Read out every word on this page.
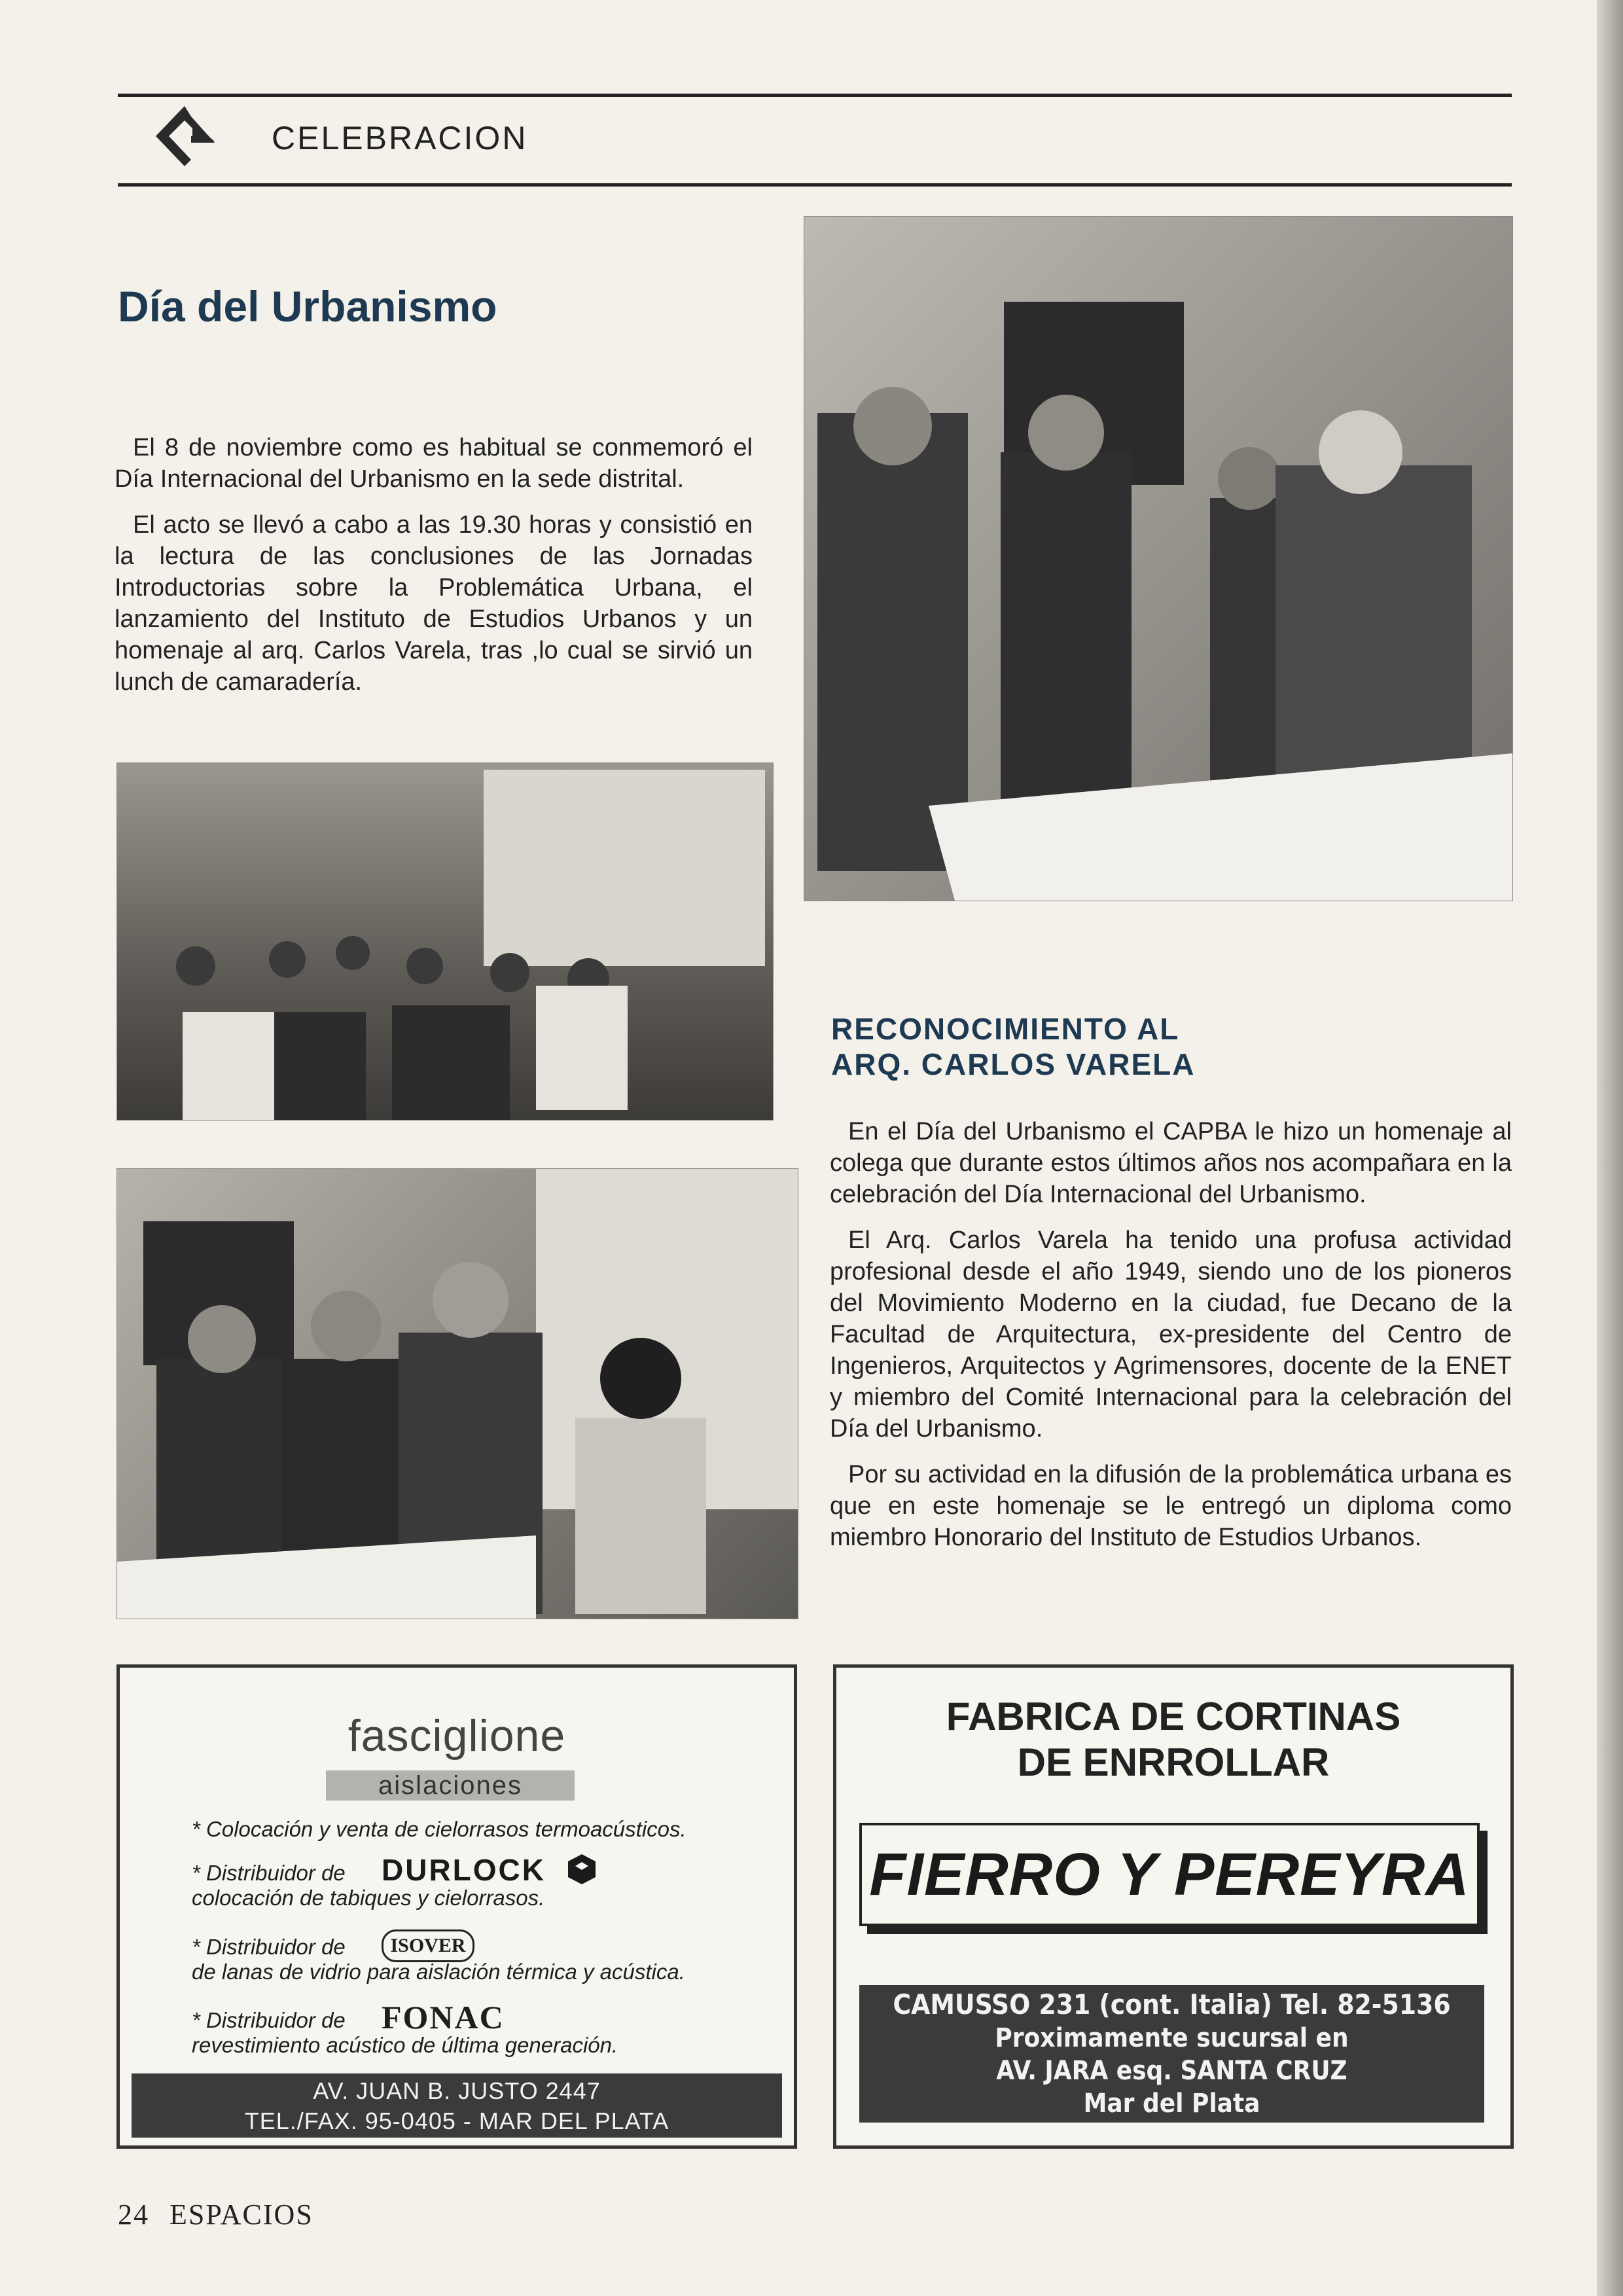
CELEBRACION
Día del Urbanismo

El 8 de noviembre como es habitual se conmemoró el Día Internacional del Urbanismo en la sede distrital.

El acto se llevó a cabo a las 19.30 horas y consistió en la lectura de las conclusiones de las Jornadas Introductorias sobre la Problemática Urbana, el lanzamiento del Instituto de Estudios Urbanos y un homenaje al arq. Carlos Varela, tras ,lo cual se sirvió un lunch de camaradería.

RECONOCIMIENTO AL
ARQ. CARLOS VARELA

En el Día del Urbanismo el CAPBA le hizo un homenaje al colega que durante estos últimos años nos acompañara en la celebración del Día Internacional del Urbanismo.

El Arq. Carlos Varela ha tenido una profusa actividad profesional desde el año 1949, siendo uno de los pioneros del Movimiento Moderno en la ciudad, fue Decano de la Facultad de Arquitectura, ex-presidente del Centro de Ingenieros, Arquitectos y Agrimensores, docente de la ENET y miembro del Comité Internacional para la celebración del Día del Urbanismo.

Por su actividad en la difusión de la problemática urbana es que en este homenaje se le entregó un diploma como miembro Honorario del Instituto de Estudios Urbanos.

fasciglione
aislaciones
* Colocación y venta de cielorrasos termoacústicos.
* Distribuidor de DURLOCK
colocación de tabiques y cielorrasos.
* Distribuidor de	ISOVER
de lanas de vidrio para aislación térmica y acústica.
* Distribuidor de FONAC
revestimiento acústico de última generación.
AV. JUAN B. JUSTO 2447
TEL./FAX. 95-0405 - MAR DEL PLATA
FABRICA DE CORTINAS
DE ENRROLLAR
FIERRO Y PEREYRA
CAMUSSO 231 (cont. Italia) Tel. 82-5136
Proximamente sucursal en
AV. JARA esq. SANTA CRUZ
Mar del Plata
24 ESPACIOS
